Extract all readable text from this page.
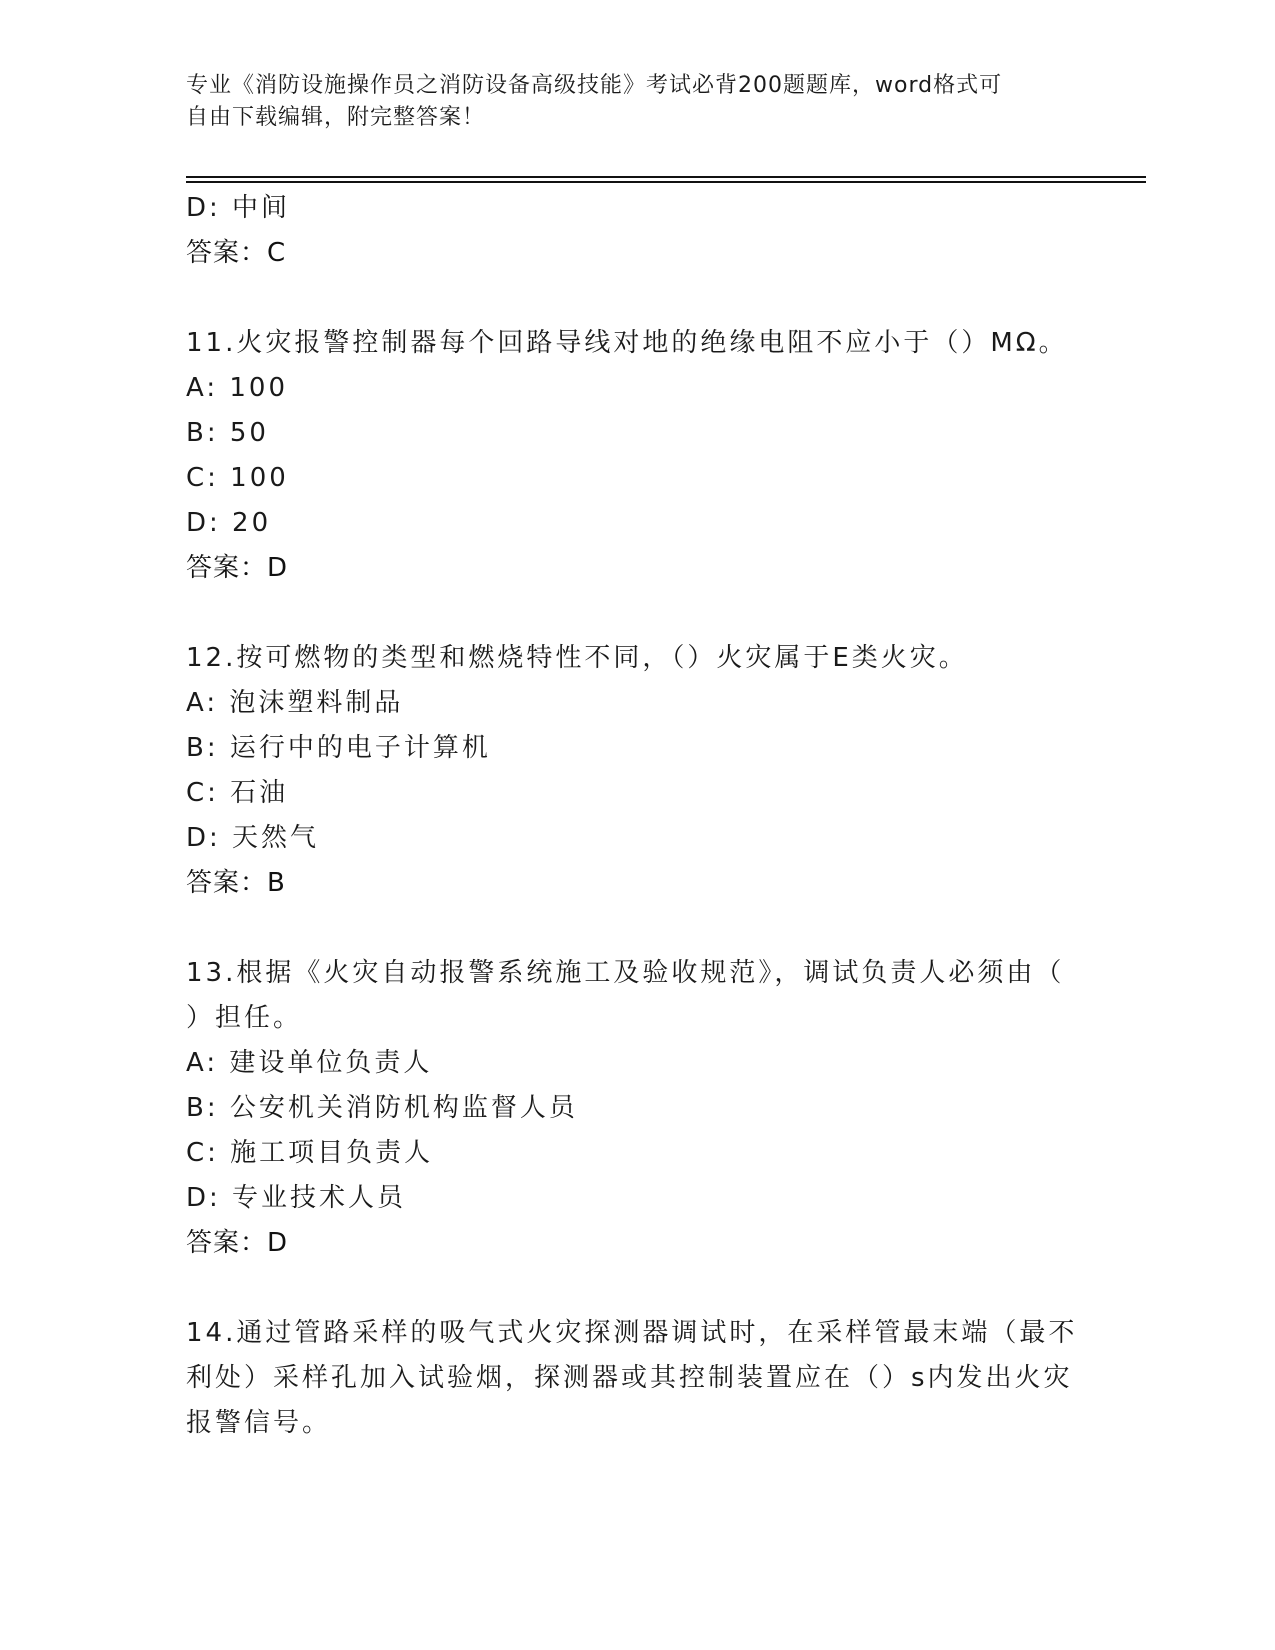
专业《消防设施操作员之消防设备高级技能》考试必背200题题库，word格式可
自由下载编辑，附完整答案！
D: 中间
答案：C
11.火灾报警控制器每个回路导线对地的绝缘电阻不应小于（）MΩ。
A: 100
B: 50
C: 100
D: 20
答案：D
12.按可燃物的类型和燃烧特性不同，（）火灾属于E类火灾。
A: 泡沫塑料制品
B: 运行中的电子计算机
C: 石油
D: 天然气
答案：B
13.根据《火灾自动报警系统施工及验收规范》，调试负责人必须由（
）担任。
A: 建设单位负责人
B: 公安机关消防机构监督人员
C: 施工项目负责人
D: 专业技术人员
答案：D
14.通过管路采样的吸气式火灾探测器调试时，在采样管最末端（最不
利处）采样孔加入试验烟，探测器或其控制装置应在（）s内发出火灾
报警信号。
